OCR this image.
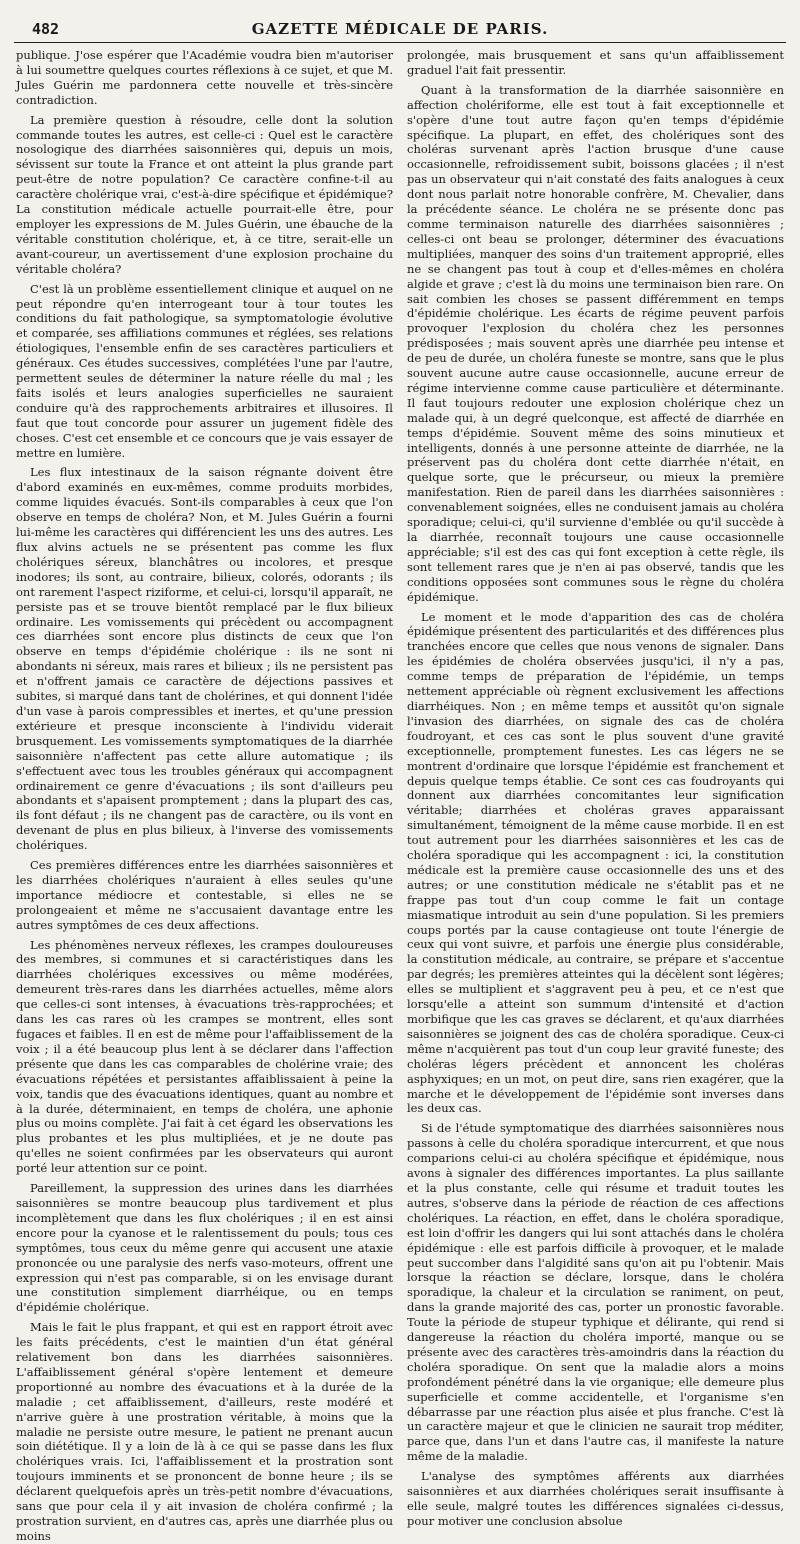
482	GAZETTE MÉDICALE DE PARIS.

publique. J'ose espérer que l'Académie voudra bien m'autoriser à lui soumettre quelques courtes réflexions à ce sujet, et que M. Jules Guérin me pardonnera cette nouvelle et très-sincère contradiction.

La première question à résoudre, celle dont la solution commande toutes les autres, est celle-ci : Quel est le caractère nosologique des diarrhées saisonnières qui, depuis un mois, sévissent sur toute la France et ont atteint la plus grande part peut-être de notre population? Ce caractère confine-t-il au caractère cholérique vrai, c'est-à-dire spécifique et épidémique? La constitution médicale actuelle pourrait-elle être, pour employer les expressions de M. Jules Guérin, une ébauche de la véritable constitution cholérique, et, à ce titre, serait-elle un avant-coureur, un avertissement d'une explosion prochaine du véritable choléra?

C'est là un problème essentiellement clinique et auquel on ne peut répondre qu'en interrogeant tour à tour toutes les conditions du fait pathologique, sa symptomatologie évolutive et comparée, ses affiliations communes et réglées, ses relations étiologiques, l'ensemble enfin de ses caractères particuliers et généraux. Ces études successives, complétées l'une par l'autre, permettent seules de déterminer la nature réelle du mal ; les faits isolés et leurs analogies superficielles ne sauraient conduire qu'à des rapprochements arbitraires et illusoires. Il faut que tout concorde pour assurer un jugement fidèle des choses. C'est cet ensemble et ce concours que je vais essayer de mettre en lumière.

Les flux intestinaux de la saison régnante doivent être d'abord examinés en eux-mêmes, comme produits morbides, comme liquides évacués. Sont-ils comparables à ceux que l'on observe en temps de choléra? Non, et M. Jules Guérin a fourni lui-même les caractères qui différencient les uns des autres. Les flux alvins actuels ne se présentent pas comme les flux cholériques séreux, blanchâtres ou incolores, et presque inodores; ils sont, au contraire, bilieux, colorés, odorants ; ils ont rarement l'aspect riziforme, et celui-ci, lorsqu'il apparaît, ne persiste pas et se trouve bientôt remplacé par le flux bilieux ordinaire. Les vomissements qui précèdent ou accompagnent ces diarrhées sont encore plus distincts de ceux que l'on observe en temps d'épidémie cholérique : ils ne sont ni abondants ni séreux, mais rares et bilieux ; ils ne persistent pas et n'offrent jamais ce caractère de déjections passives et subites, si marqué dans tant de cholérines, et qui donnent l'idée d'un vase à parois compressibles et inertes, et qu'une pression extérieure et presque inconsciente à l'individu viderait brusquement. Les vomissements symptomatiques de la diarrhée saisonnière n'affectent pas cette allure automatique ; ils s'effectuent avec tous les troubles généraux qui accompagnent ordinairement ce genre d'évacuations ; ils sont d'ailleurs peu abondants et s'apaisent promptement ; dans la plupart des cas, ils font défaut ; ils ne changent pas de caractère, ou ils vont en devenant de plus en plus bilieux, à l'inverse des vomissements cholériques.

Ces premières différences entre les diarrhées saisonnières et les diarrhées cholériques n'auraient à elles seules qu'une importance médiocre et contestable, si elles ne se prolongeaient et même ne s'accusaient davantage entre les autres symptômes de ces deux affections.

Les phénomènes nerveux réflexes, les crampes douloureuses des membres, si communes et si caractéristiques dans les diarrhées cholériques excessives ou même modérées, demeurent très-rares dans les diarrhées actuelles, même alors que celles-ci sont intenses, à évacuations très-rapprochées; et dans les cas rares où les crampes se montrent, elles sont fugaces et faibles. Il en est de même pour l'affaiblissement de la voix ; il a été beaucoup plus lent à se déclarer dans l'affection présente que dans les cas comparables de cholérine vraie; des évacuations répétées et persistantes affaiblissaient à peine la voix, tandis que des évacuations identiques, quant au nombre et à la durée, déterminaient, en temps de choléra, une aphonie plus ou moins complète. J'ai fait à cet égard les observations les plus probantes et les plus multipliées, et je ne doute pas qu'elles ne soient confirmées par les observateurs qui auront porté leur attention sur ce point.

Pareillement, la suppression des urines dans les diarrhées saisonnières se montre beaucoup plus tardivement et plus incomplètement que dans les flux cholériques ; il en est ainsi encore pour la cyanose et le ralentissement du pouls; tous ces symptômes, tous ceux du même genre qui accusent une ataxie prononcée ou une paralysie des nerfs vaso-moteurs, offrent une expression qui n'est pas comparable, si on les envisage durant une constitution simplement diarrhéique, ou en temps d'épidémie cholérique.

Mais le fait le plus frappant, et qui est en rapport étroit avec les faits précédents, c'est le maintien d'un état général relativement bon dans les diarrhées saisonnières. L'affaiblissement général s'opère lentement et demeure proportionné au nombre des évacuations et à la durée de la maladie ; cet affaiblissement, d'ailleurs, reste modéré et n'arrive guère à une prostration véritable, à moins que la maladie ne persiste outre mesure, le patient ne prenant aucun soin diététique. Il y a loin de là à ce qui se passe dans les flux cholériques vrais. Ici, l'affaiblissement et la prostration sont toujours imminents et se prononcent de bonne heure ; ils se déclarent quelquefois après un très-petit nombre d'évacuations, sans que pour cela il y ait invasion de choléra confirmé ; la prostration survient, en d'autres cas, après une diarrhée plus ou moins

prolongée, mais brusquement et sans qu'un affaiblissement graduel l'ait fait pressentir.

Quant à la transformation de la diarrhée saisonnière en affection cholériforme, elle est tout à fait exceptionnelle et s'opère d'une tout autre façon qu'en temps d'épidémie spécifique. La plupart, en effet, des cholériques sont des choléras survenant après l'action brusque d'une cause occasionnelle, refroidissement subit, boissons glacées ; il n'est pas un observateur qui n'ait constaté des faits analogues à ceux dont nous parlait notre honorable confrère, M. Chevalier, dans la précédente séance. Le choléra ne se présente donc pas comme terminaison naturelle des diarrhées saisonnières ; celles-ci ont beau se prolonger, déterminer des évacuations multipliées, manquer des soins d'un traitement approprié, elles ne se changent pas tout à coup et d'elles-mêmes en choléra algide et grave ; c'est là du moins une terminaison bien rare. On sait combien les choses se passent différemment en temps d'épidémie cholérique. Les écarts de régime peuvent parfois provoquer l'explosion du choléra chez les personnes prédisposées ; mais souvent après une diarrhée peu intense et de peu de durée, un choléra funeste se montre, sans que le plus souvent aucune autre cause occasionnelle, aucune erreur de régime intervienne comme cause particulière et déterminante. Il faut toujours redouter une explosion cholérique chez un malade qui, à un degré quelconque, est affecté de diarrhée en temps d'épidémie. Souvent même des soins minutieux et intelligents, donnés à une personne atteinte de diarrhée, ne la préservent pas du choléra dont cette diarrhée n'était, en quelque sorte, que le précurseur, ou mieux la première manifestation. Rien de pareil dans les diarrhées saisonnières : convenablement soignées, elles ne conduisent jamais au choléra sporadique; celui-ci, qu'il survienne d'emblée ou qu'il succède à la diarrhée, reconnaît toujours une cause occasionnelle appréciable; s'il est des cas qui font exception à cette règle, ils sont tellement rares que je n'en ai pas observé, tandis que les conditions opposées sont communes sous le règne du choléra épidémique.

Le moment et le mode d'apparition des cas de choléra épidémique présentent des particularités et des différences plus tranchées encore que celles que nous venons de signaler. Dans les épidémies de choléra observées jusqu'ici, il n'y a pas, comme temps de préparation de l'épidémie, un temps nettement appréciable où règnent exclusivement les affections diarrhéiques. Non ; en même temps et aussitôt qu'on signale l'invasion des diarrhées, on signale des cas de choléra foudroyant, et ces cas sont le plus souvent d'une gravité exceptionnelle, promptement funestes. Les cas légers ne se montrent d'ordinaire que lorsque l'épidémie est franchement et depuis quelque temps établie. Ce sont ces cas foudroyants qui donnent aux diarrhées concomitantes leur signification véritable; diarrhées et choléras graves apparaissant simultanément, témoignent de la même cause morbide. Il en est tout autrement pour les diarrhées saisonnières et les cas de choléra sporadique qui les accompagnent : ici, la constitution médicale est la première cause occasionnelle des uns et des autres; or une constitution médicale ne s'établit pas et ne frappe pas tout d'un coup comme le fait un contage miasmatique introduit au sein d'une population. Si les premiers coups portés par la cause contagieuse ont toute l'énergie de ceux qui vont suivre, et parfois une énergie plus considérable, la constitution médicale, au contraire, se prépare et s'accentue par degrés; les premières atteintes qui la décèlent sont légères; elles se multiplient et s'aggravent peu à peu, et ce n'est que lorsqu'elle a atteint son summum d'intensité et d'action morbifique que les cas graves se déclarent, et qu'aux diarrhées saisonnières se joignent des cas de choléra sporadique. Ceux-ci même n'acquièrent pas tout d'un coup leur gravité funeste; des choléras légers précèdent et annoncent les choléras asphyxiques; en un mot, on peut dire, sans rien exagérer, que la marche et le développement de l'épidémie sont inverses dans les deux cas.

Si de l'étude symptomatique des diarrhées saisonnières nous passons à celle du choléra sporadique intercurrent, et que nous comparions celui-ci au choléra spécifique et épidémique, nous avons à signaler des différences importantes. La plus saillante et la plus constante, celle qui résume et traduit toutes les autres, s'observe dans la période de réaction de ces affections cholériques. La réaction, en effet, dans le choléra sporadique, est loin d'offrir les dangers qui lui sont attachés dans le choléra épidémique : elle est parfois difficile à provoquer, et le malade peut succomber dans l'algidité sans qu'on ait pu l'obtenir. Mais lorsque la réaction se déclare, lorsque, dans le choléra sporadique, la chaleur et la circulation se raniment, on peut, dans la grande majorité des cas, porter un pronostic favorable. Toute la période de stupeur typhique et délirante, qui rend si dangereuse la réaction du choléra importé, manque ou se présente avec des caractères très-amoindris dans la réaction du choléra sporadique. On sent que la maladie alors a moins profondément pénétré dans la vie organique; elle demeure plus superficielle et comme accidentelle, et l'organisme s'en débarrasse par une réaction plus aisée et plus franche. C'est là un caractère majeur et que le clinicien ne saurait trop méditer, parce que, dans l'un et dans l'autre cas, il manifeste la nature même de la maladie.

L'analyse des symptômes afférents aux diarrhées saisonnières et aux diarrhées cholériques serait insuffisante à elle seule, malgré toutes les différences signalées ci-dessus, pour motiver une conclusion absolue
